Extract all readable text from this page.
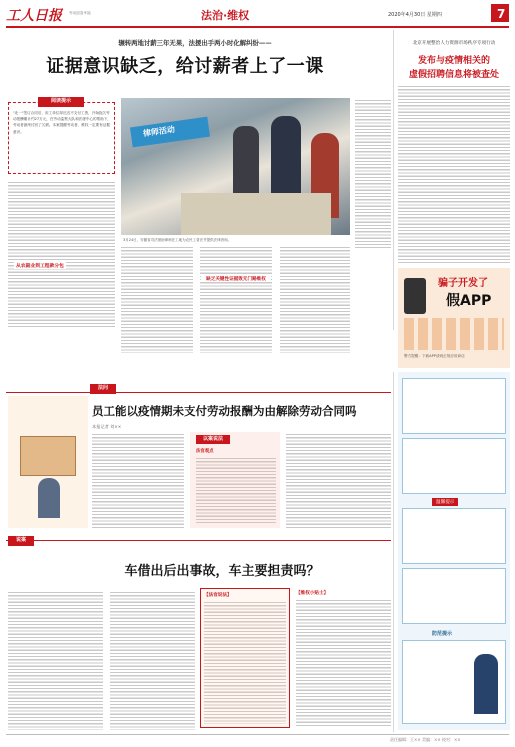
工人日报 劳动创造幸福	法治·维权	2020年4月30日 星期四	7
辗转两地讨薪三年无果，法援出手两小时化解纠纷——
证据意识缺乏，给讨薪者上了一课
阅读提示
"北一"签订合同后，用工单位却迟迟不支付工资，开始拖欠劳动报酬累计约27万元，在劳动监察大队和法援中心的帮助下，劳动者最终讨回了欠薪。本案提醒劳动者，维权一定要有证据意识。	律师活动
3月24日，安徽省司法援助律师在工地为农民工普法并提供法律咨询。
从农副业到工程款分包
缺乏关键性证据致无门路维权
北京开展整治人力资源市场秩序专项行动
发布与疫情相关的
虚假招聘信息将被查处
骗子开发了
假APP
警方提醒：下载APP请到正规应用商店
法问
员工能以疫情期未支付劳动报酬为由解除劳动合同吗
本报记者 刘××
以案说法
法官观点
说案
车借出后出事故，车主要担责吗？
【法官说法】	【维权小贴士】
温馨提示
防范提示
责任编辑：王×× 美编：×× 校对：××
